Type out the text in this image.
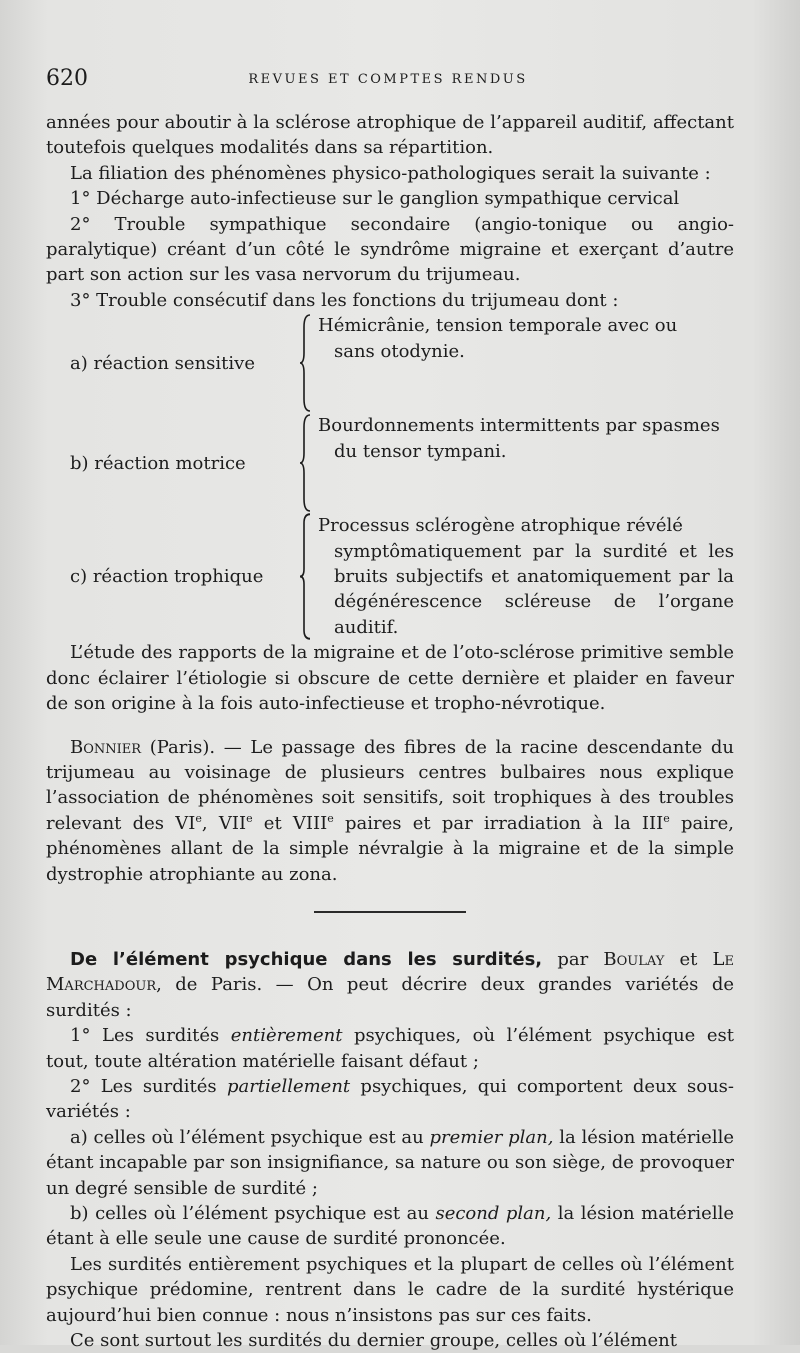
620	REVUES ET COMPTES RENDUS

années pour aboutir à la sclérose atrophique de l’appareil auditif, affectant toutefois quelques modalités dans sa répartition.

La filiation des phénomènes physico-pathologiques serait la suivante :

1° Décharge auto-infectieuse sur le ganglion sympathique cervical

2° Trouble sympathique secondaire (angio-tonique ou angio-paralytique) créant d’un côté le syndrôme migraine et exerçant d’autre part son action sur les vasa nervorum du trijumeau.

3° Trouble consécutif dans les fonctions du trijumeau dont :

a) réaction sensitive
Hémicrânie, tension temporale avec ou
sans otodynie.
b) réaction motrice
Bourdonnements intermittents par spasmes
du tensor tympani.
c) réaction trophique
Processus sclérogène atrophique révélé
symptômatiquement par la surdité et les bruits subjectifs et anatomiquement par la dégénérescence scléreuse de l’organe auditif.

L’étude des rapports de la migraine et de l’oto-sclérose primitive semble donc éclairer l’étiologie si obscure de cette dernière et plaider en faveur de son origine à la fois auto-infectieuse et tropho-névrotique.

Bonnier (Paris). — Le passage des fibres de la racine descendante du trijumeau au voisinage de plusieurs centres bulbaires nous explique l’association de phénomènes soit sensitifs, soit trophiques à des troubles relevant des VIe, VIIe et VIIIe paires et par irradiation à la IIIe paire, phénomènes allant de la simple névralgie à la migraine et de la simple dystrophie atrophiante au zona.

De l’élément psychique dans les surdités, par Boulay et Le Marchadour, de Paris. — On peut décrire deux grandes variétés de surdités :

1° Les surdités entièrement psychiques, où l’élément psychique est tout, toute altération matérielle faisant défaut ;

2° Les surdités partiellement psychiques, qui comportent deux sous-variétés :

a) celles où l’élément psychique est au premier plan, la lésion matérielle étant incapable par son insignifiance, sa nature ou son siège, de provoquer un degré sensible de surdité ;

b) celles où l’élément psychique est au second plan, la lésion matérielle étant à elle seule une cause de surdité prononcée.

Les surdités entièrement psychiques et la plupart de celles où l’élément psychique prédomine, rentrent dans le cadre de la surdité hystérique aujourd’hui bien connue : nous n’insistons pas sur ces faits.

Ce sont surtout les surdités du dernier groupe, celles où l’élément
